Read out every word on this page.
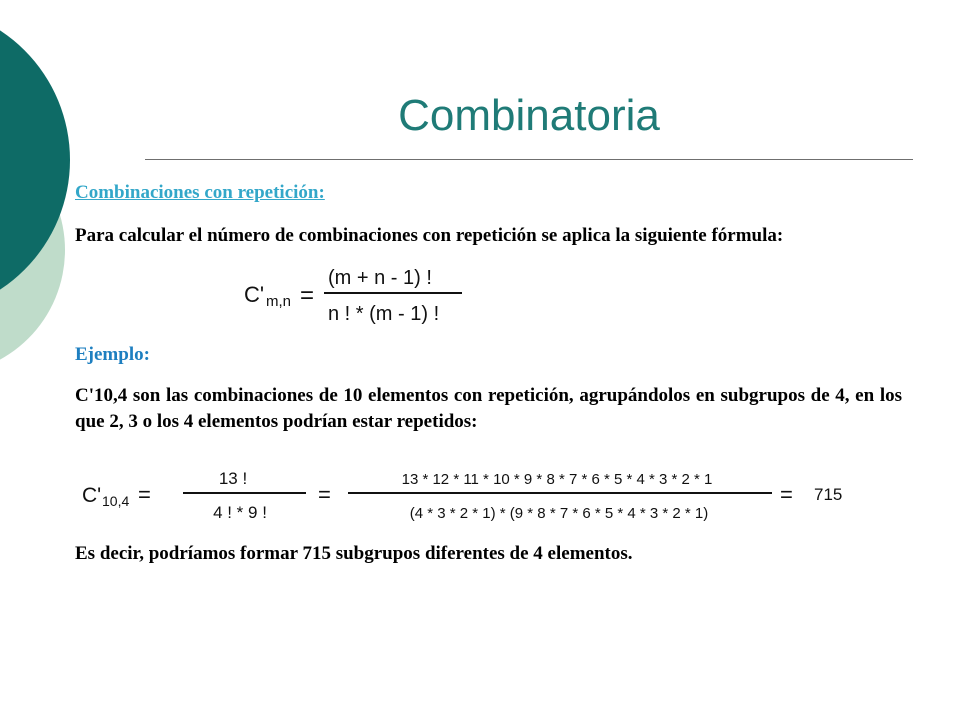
Combinatoria
Combinaciones con repetición:
Para calcular el número de combinaciones con repetición se aplica la siguiente fórmula:
C' m,n =
(m + n - 1) !
n ! * (m - 1) !
Ejemplo:
C'10,4 son las combinaciones de 10 elementos con repetición, agrupándolos en subgrupos de 4, en los que 2, 3 o los 4 elementos podrían estar repetidos:
C' 10,4 =
13 !
4 ! * 9 !
=
13 * 12 * 11 * 10 * 9 * 8 * 7 * 6 * 5 * 4 * 3 * 2 * 1
(4 * 3 * 2 * 1) * (9 * 8 * 7 * 6 * 5 * 4 * 3 * 2 * 1)
= 715
Es decir, podríamos formar 715 subgrupos diferentes de 4 elementos.
